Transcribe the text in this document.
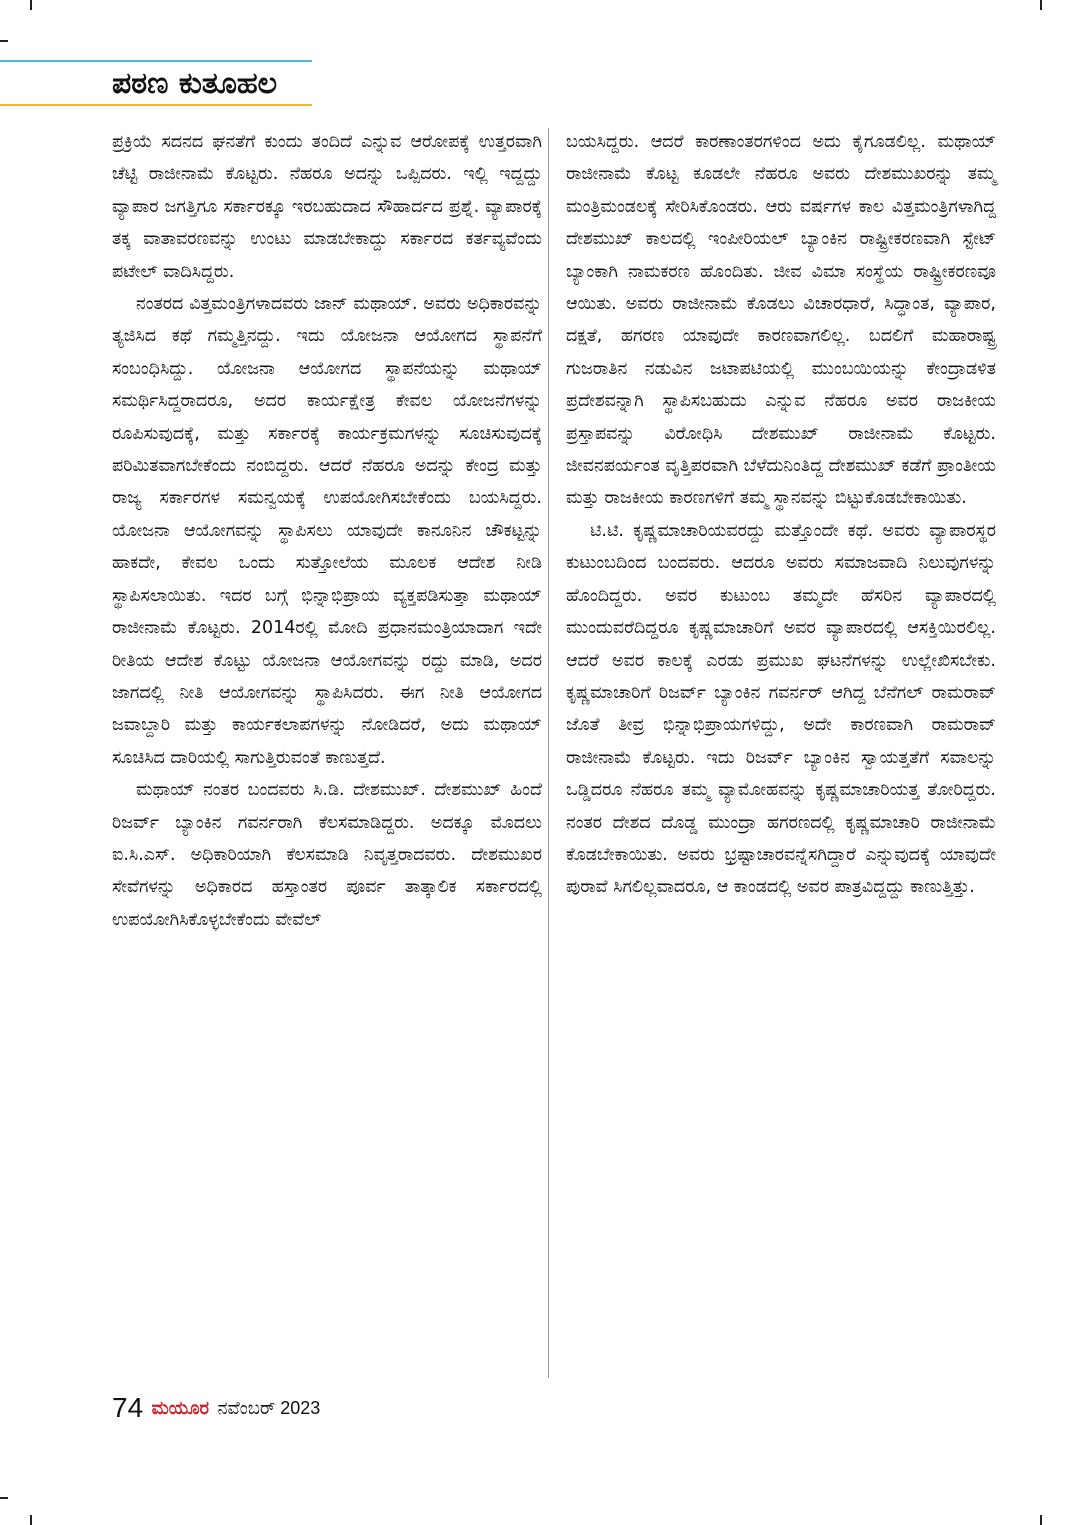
ಪಠಣ ಕುತೂಹಲ

ಪ್ರಕ್ರಿಯೆ ಸದನದ ಘನತೆಗೆ ಕುಂದು ತಂದಿದೆ ಎನ್ನುವ ಆರೋಪಕ್ಕೆ ಉತ್ತರವಾಗಿ ಚೆಟ್ಟಿ ರಾಜೀನಾಮೆ ಕೊಟ್ಟರು. ನೆಹರೂ ಅದನ್ನು ಒಪ್ಪಿದರು. ಇಲ್ಲಿ ಇದ್ದದ್ದು ವ್ಯಾಪಾರ ಜಗತ್ತಿಗೂ ಸರ್ಕಾರಕ್ಕೂ ಇರಬಹುದಾದ ಸೌಹಾರ್ದದ ಪ್ರಶ್ನೆ. ವ್ಯಾಪಾರಕ್ಕೆ ತಕ್ಕ ವಾತಾವರಣವನ್ನು ಉಂಟು ಮಾಡಬೇಕಾದ್ದು ಸರ್ಕಾರದ ಕರ್ತವ್ಯವೆಂದು ಪಟೇಲ್ ವಾದಿಸಿದ್ದರು.

ನಂತರದ ವಿತ್ತಮಂತ್ರಿಗಳಾದವರು ಜಾನ್ ಮಥಾಯ್. ಅವರು ಅಧಿಕಾರವನ್ನು ತ್ಯಜಿಸಿದ ಕಥೆ ಗಮ್ಮತ್ತಿನದ್ದು. ಇದು ಯೋಜನಾ ಆಯೋಗದ ಸ್ಥಾಪನೆಗೆ ಸಂಬಂಧಿಸಿದ್ದು. ಯೋಜನಾ ಆಯೋಗದ ಸ್ಥಾಪನೆಯನ್ನು ಮಥಾಯ್ ಸಮರ್ಥಿಸಿದ್ದರಾದರೂ, ಅದರ ಕಾರ್ಯಕ್ಷೇತ್ರ ಕೇವಲ ಯೋಜನೆಗಳನ್ನು ರೂಪಿಸುವುದಕ್ಕೆ, ಮತ್ತು ಸರ್ಕಾರಕ್ಕೆ ಕಾರ್ಯಕ್ರಮಗಳನ್ನು ಸೂಚಿಸುವುದಕ್ಕೆ ಪರಿಮಿತವಾಗಬೇಕೆಂದು ನಂಬಿದ್ದರು. ಆದರೆ ನೆಹರೂ ಅದನ್ನು ಕೇಂದ್ರ ಮತ್ತು ರಾಜ್ಯ ಸರ್ಕಾರಗಳ ಸಮನ್ವಯಕ್ಕೆ ಉಪಯೋಗಿಸಬೇಕೆಂದು ಬಯಸಿದ್ದರು. ಯೋಜನಾ ಆಯೋಗವನ್ನು ಸ್ಥಾಪಿಸಲು ಯಾವುದೇ ಕಾನೂನಿನ ಚೌಕಟ್ಟನ್ನು ಹಾಕದೇ, ಕೇವಲ ಒಂದು ಸುತ್ತೋಲೆಯ ಮೂಲಕ ಆದೇಶ ನೀಡಿ ಸ್ಥಾಪಿಸಲಾಯಿತು. ಇದರ ಬಗ್ಗೆ ಭಿನ್ನಾಭಿಪ್ರಾಯ ವ್ಯಕ್ತಪಡಿಸುತ್ತಾ ಮಥಾಯ್ ರಾಜೀನಾಮೆ ಕೊಟ್ಟರು. 2014ರಲ್ಲಿ ಮೋದಿ ಪ್ರಧಾನಮಂತ್ರಿಯಾದಾಗ ಇದೇ ರೀತಿಯ ಆದೇಶ ಕೊಟ್ಟು ಯೋಜನಾ ಆಯೋಗವನ್ನು ರದ್ದು ಮಾಡಿ, ಅದರ ಜಾಗದಲ್ಲಿ ನೀತಿ ಆಯೋಗವನ್ನು ಸ್ಥಾಪಿಸಿದರು. ಈಗ ನೀತಿ ಆಯೋಗದ ಜವಾಬ್ದಾರಿ ಮತ್ತು ಕಾರ್ಯಕಲಾಪಗಳನ್ನು ನೋಡಿದರೆ, ಅದು ಮಥಾಯ್ ಸೂಚಿಸಿದ ದಾರಿಯಲ್ಲಿ ಸಾಗುತ್ತಿರುವಂತೆ ಕಾಣುತ್ತದೆ.

ಮಥಾಯ್ ನಂತರ ಬಂದವರು ಸಿ.ಡಿ. ದೇಶಮುಖ್. ದೇಶಮುಖ್ ಹಿಂದೆ ರಿಜರ್ವ್ ಬ್ಯಾಂಕಿನ ಗವರ್ನರಾಗಿ ಕೆಲಸಮಾಡಿದ್ದರು. ಅದಕ್ಕೂ ಮೊದಲು ಐ.ಸಿ.ಎಸ್. ಅಧಿಕಾರಿಯಾಗಿ ಕೆಲಸಮಾಡಿ ನಿವೃತ್ತರಾದವರು. ದೇಶಮುಖರ ಸೇವೆಗಳನ್ನು ಅಧಿಕಾರದ ಹಸ್ತಾಂತರ ಪೂರ್ವ ತಾತ್ಕಾಲಿಕ ಸರ್ಕಾರದಲ್ಲಿ ಉಪಯೋಗಿಸಿಕೊಳ್ಳಬೇಕೆಂದು ವೇವೆಲ್

ಬಯಸಿದ್ದರು. ಆದರೆ ಕಾರಣಾಂತರಗಳಿಂದ ಅದು ಕೈಗೂಡಲಿಲ್ಲ. ಮಥಾಯ್ ರಾಜೀನಾಮೆ ಕೊಟ್ಟ ಕೂಡಲೇ ನೆಹರೂ ಅವರು ದೇಶಮುಖರನ್ನು ತಮ್ಮ ಮಂತ್ರಿಮಂಡಲಕ್ಕೆ ಸೇರಿಸಿಕೊಂಡರು. ಆರು ವರ್ಷಗಳ ಕಾಲ ವಿತ್ತಮಂತ್ರಿಗಳಾಗಿದ್ದ ದೇಶಮುಖ್ ಕಾಲದಲ್ಲಿ ಇಂಪೀರಿಯಲ್ ಬ್ಯಾಂಕಿನ ರಾಷ್ಟ್ರೀಕರಣವಾಗಿ ಸ್ಟೇಟ್ ಬ್ಯಾಂಕಾಗಿ ನಾಮಕರಣ ಹೊಂದಿತು. ಜೀವ ವಿಮಾ ಸಂಸ್ಥೆಯ ರಾಷ್ಟ್ರೀಕರಣವೂ ಆಯಿತು. ಅವರು ರಾಜೀನಾಮೆ ಕೊಡಲು ವಿಚಾರಧಾರೆ, ಸಿದ್ಧಾಂತ, ವ್ಯಾಪಾರ, ದಕ್ಷತೆ, ಹಗರಣ ಯಾವುದೇ ಕಾರಣವಾಗಲಿಲ್ಲ. ಬದಲಿಗೆ ಮಹಾರಾಷ್ಟ್ರ ಗುಜರಾತಿನ ನಡುವಿನ ಜಟಾಪಟಿಯಲ್ಲಿ ಮುಂಬಯಿಯನ್ನು ಕೇಂದ್ರಾಡಳಿತ ಪ್ರದೇಶವನ್ನಾಗಿ ಸ್ಥಾಪಿಸಬಹುದು ಎನ್ನುವ ನೆಹರೂ ಅವರ ರಾಜಕೀಯ ಪ್ರಸ್ತಾಪವನ್ನು ವಿರೋಧಿಸಿ ದೇಶಮುಖ್ ರಾಜೀನಾಮೆ ಕೊಟ್ಟರು. ಜೀವನಪರ್ಯಂತ ವೃತ್ತಿಪರವಾಗಿ ಬೆಳೆದುನಿಂತಿದ್ದ ದೇಶಮುಖ್ ಕಡೆಗೆ ಪ್ರಾಂತೀಯ ಮತ್ತು ರಾಜಕೀಯ ಕಾರಣಗಳಿಗೆ ತಮ್ಮ ಸ್ಥಾನವನ್ನು ಬಿಟ್ಟುಕೊಡಬೇಕಾಯಿತು.

ಟಿ.ಟಿ. ಕೃಷ್ಣಮಾಚಾರಿಯವರದ್ದು ಮತ್ತೊಂದೇ ಕಥೆ. ಅವರು ವ್ಯಾಪಾರಸ್ಥರ ಕುಟುಂಬದಿಂದ ಬಂದವರು. ಆದರೂ ಅವರು ಸಮಾಜವಾದಿ ನಿಲುವುಗಳನ್ನು ಹೊಂದಿದ್ದರು. ಅವರ ಕುಟುಂಬ ತಮ್ಮದೇ ಹೆಸರಿನ ವ್ಯಾಪಾರದಲ್ಲಿ ಮುಂದುವರೆದಿದ್ದರೂ ಕೃಷ್ಣಮಾಚಾರಿಗೆ ಅವರ ವ್ಯಾಪಾರದಲ್ಲಿ ಆಸಕ್ತಿಯಿರಲಿಲ್ಲ. ಆದರೆ ಅವರ ಕಾಲಕ್ಕೆ ಎರಡು ಪ್ರಮುಖ ಘಟನೆಗಳನ್ನು ಉಲ್ಲೇಖಿಸಬೇಕು. ಕೃಷ್ಣಮಾಚಾರಿಗೆ ರಿಜರ್ವ್ ಬ್ಯಾಂಕಿನ ಗವರ್ನರ್ ಆಗಿದ್ದ ಬೆನೆಗಲ್ ರಾಮರಾವ್ ಜೊತೆ ತೀವ್ರ ಭಿನ್ನಾಭಿಪ್ರಾಯಗಳಿದ್ದು, ಅದೇ ಕಾರಣವಾಗಿ ರಾಮರಾವ್ ರಾಜೀನಾಮೆ ಕೊಟ್ಟರು. ಇದು ರಿಜರ್ವ್ ಬ್ಯಾಂಕಿನ ಸ್ವಾಯತ್ತತೆಗೆ ಸವಾಲನ್ನು ಒಡ್ಡಿದರೂ ನೆಹರೂ ತಮ್ಮ ವ್ಯಾಮೋಹವನ್ನು ಕೃಷ್ಣಮಾಚಾರಿಯತ್ತ ತೋರಿದ್ದರು. ನಂತರ ದೇಶದ ದೊಡ್ಡ ಮುಂದ್ರಾ ಹಗರಣದಲ್ಲಿ ಕೃಷ್ಣಮಾಚಾರಿ ರಾಜೀನಾಮೆ ಕೊಡಬೇಕಾಯಿತು. ಅವರು ಭ್ರಷ್ಟಾಚಾರವನ್ನೆಸಗಿದ್ದಾರೆ ಎನ್ನುವುದಕ್ಕೆ ಯಾವುದೇ ಪುರಾವೆ ಸಿಗಲಿಲ್ಲವಾದರೂ, ಆ ಕಾಂಡದಲ್ಲಿ ಅವರ ಪಾತ್ರವಿದ್ದದ್ದು ಕಾಣುತ್ತಿತ್ತು.

74 ಮಯೂರ ನವೆಂಬರ್ 2023
